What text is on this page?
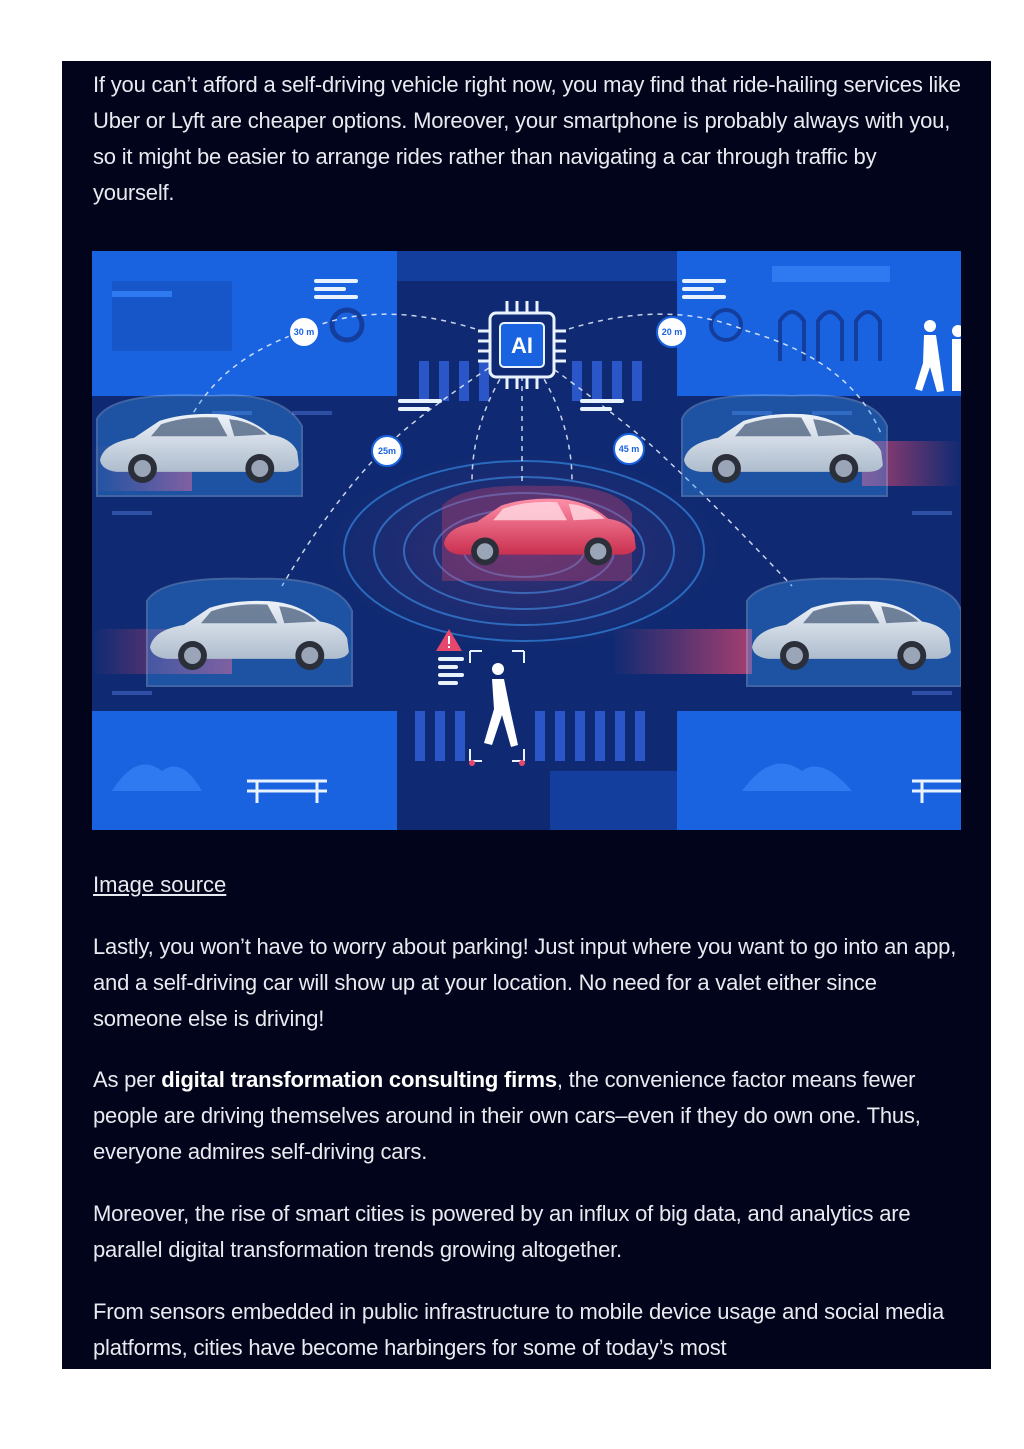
If you can’t afford a self-driving vehicle right now, you may find that ride-hailing services like Uber or Lyft are cheaper options. Moreover, your smartphone is probably always with you, so it might be easier to arrange rides rather than navigating a car through traffic by yourself.

AI
30 m	20 m
25m	45 m
Image source

Lastly, you won’t have to worry about parking! Just input where you want to go into an app, and a self-driving car will show up at your location. No need for a valet either since someone else is driving!

As per digital transformation consulting firms, the convenience factor means fewer people are driving themselves around in their own cars–even if they do own one. Thus, everyone admires self-driving cars.

Moreover, the rise of smart cities is powered by an influx of big data, and analytics are parallel digital transformation trends growing altogether.

From sensors embedded in public infrastructure to mobile device usage and social media platforms, cities have become harbingers for some of today’s most
